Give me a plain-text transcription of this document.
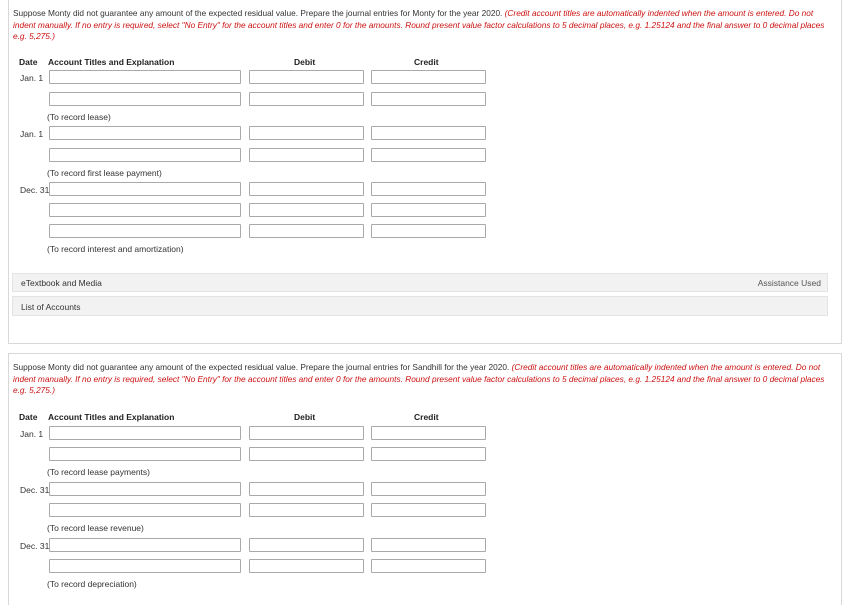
Suppose Monty did not guarantee any amount of the expected residual value. Prepare the journal entries for Monty for the year 2020. (Credit account titles are automatically indented when the amount is entered. Do not indent manually. If no entry is required, select "No Entry" for the account titles and enter 0 for the amounts. Round present value factor calculations to 5 decimal places, e.g. 1.25124 and the final answer to 0 decimal places e.g. 5,275.)
Date Account Titles and Explanation	Debit	Credit
Jan. 1
(To record lease)
Jan. 1
(To record first lease payment)
Dec. 31
(To record interest and amortization)
eTextbook and Media	Assistance Used
List of Accounts
Suppose Monty did not guarantee any amount of the expected residual value. Prepare the journal entries for Sandhill for the year 2020. (Credit account titles are automatically indented when the amount is entered. Do not indent manually. If no entry is required, select "No Entry" for the account titles and enter 0 for the amounts. Round present value factor calculations to 5 decimal places, e.g. 1.25124 and the final answer to 0 decimal places e.g. 5,275.)
Date Account Titles and Explanation	Debit	Credit
Jan. 1
(To record lease payments)
Dec. 31
(To record lease revenue)
Dec. 31
(To record depreciation)
